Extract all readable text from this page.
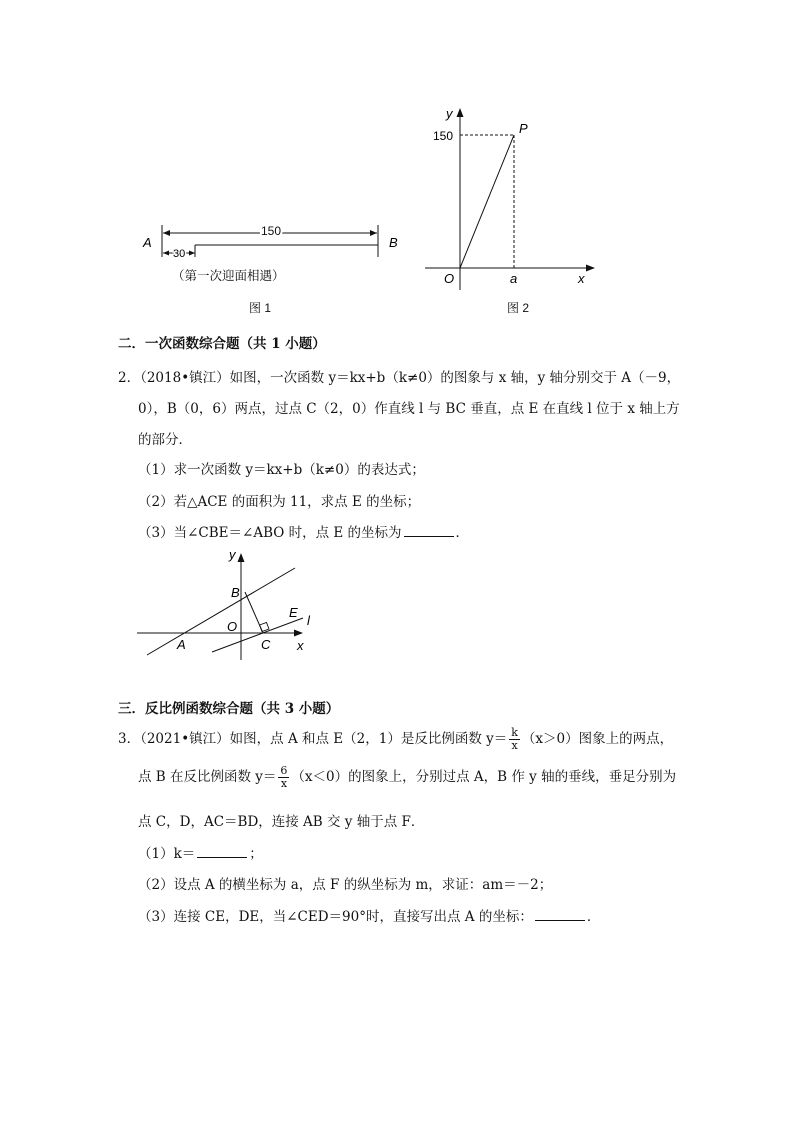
A	B
150
30
（第一次迎面相遇）
图 1
y
x
O
150
a
P
图 2
二．一次函数综合题（共 1 小题）
2．（2018•镇江）如图，一次函数 y＝kx+b（k≠0）的图象与 x 轴，y 轴分别交于 A（－9，
0），B（0，6）两点，过点 C（2，0）作直线 l 与 BC 垂直，点 E 在直线 l 位于 x 轴上方
的部分．
（1）求一次函数 y＝kx+b（k≠0）的表达式；
（2）若△ACE 的面积为 11，求点 E 的坐标；
（3）当∠CBE＝∠ABO 时，点 E 的坐标为	．
y
x
O
A
B
C
E
l
三．反比例函数综合题（共 3 小题）
3．（2021•镇江）如图，点 A 和点 E（2，1）是反比例函数 $y= \frac{k}{x} (x>0)$图象上的两点，
点 B 在反比例函数 $y= \frac{6}{x} (x<0)$的图象上，分别过点 A，B 作 y 轴的垂线，垂足分别为
点 C，D，AC＝BD，连接 AB 交 y 轴于点 F．
（1）k＝	；
（2）设点 A 的横坐标为 a，点 F 的纵坐标为 m，求证：am＝－2；
（3）连接 CE，DE，当∠CED＝90°时，直接写出点 A 的坐标：	．
